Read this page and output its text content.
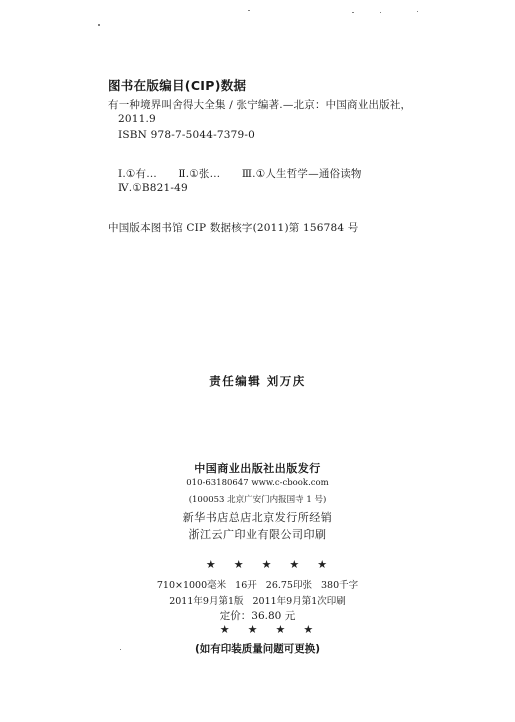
图书在版编目(CIP)数据
有一种境界叫舍得大全集 / 张宁编著.—北京：中国商业出版社，
2011.9
ISBN 978-7-5044-7379-0
Ⅰ.①有… Ⅱ.①张… Ⅲ.①人生哲学—通俗读物
Ⅳ.①B821-49
中国版本图书馆 CIP 数据核字(2011)第 156784 号
责任编辑 刘万庆
中国商业出版社出版发行
010-63180647 www.c-cbook.com
(100053 北京广安门内报国寺 1 号)
新华书店总店北京发行所经销
浙江云广印业有限公司印刷
★★★★★
710×1000毫米 16开 26.75印张 380千字
2011年9月第1版 2011年9月第1次印刷
定价：36.80 元
★★★★
(如有印装质量问题可更换)
